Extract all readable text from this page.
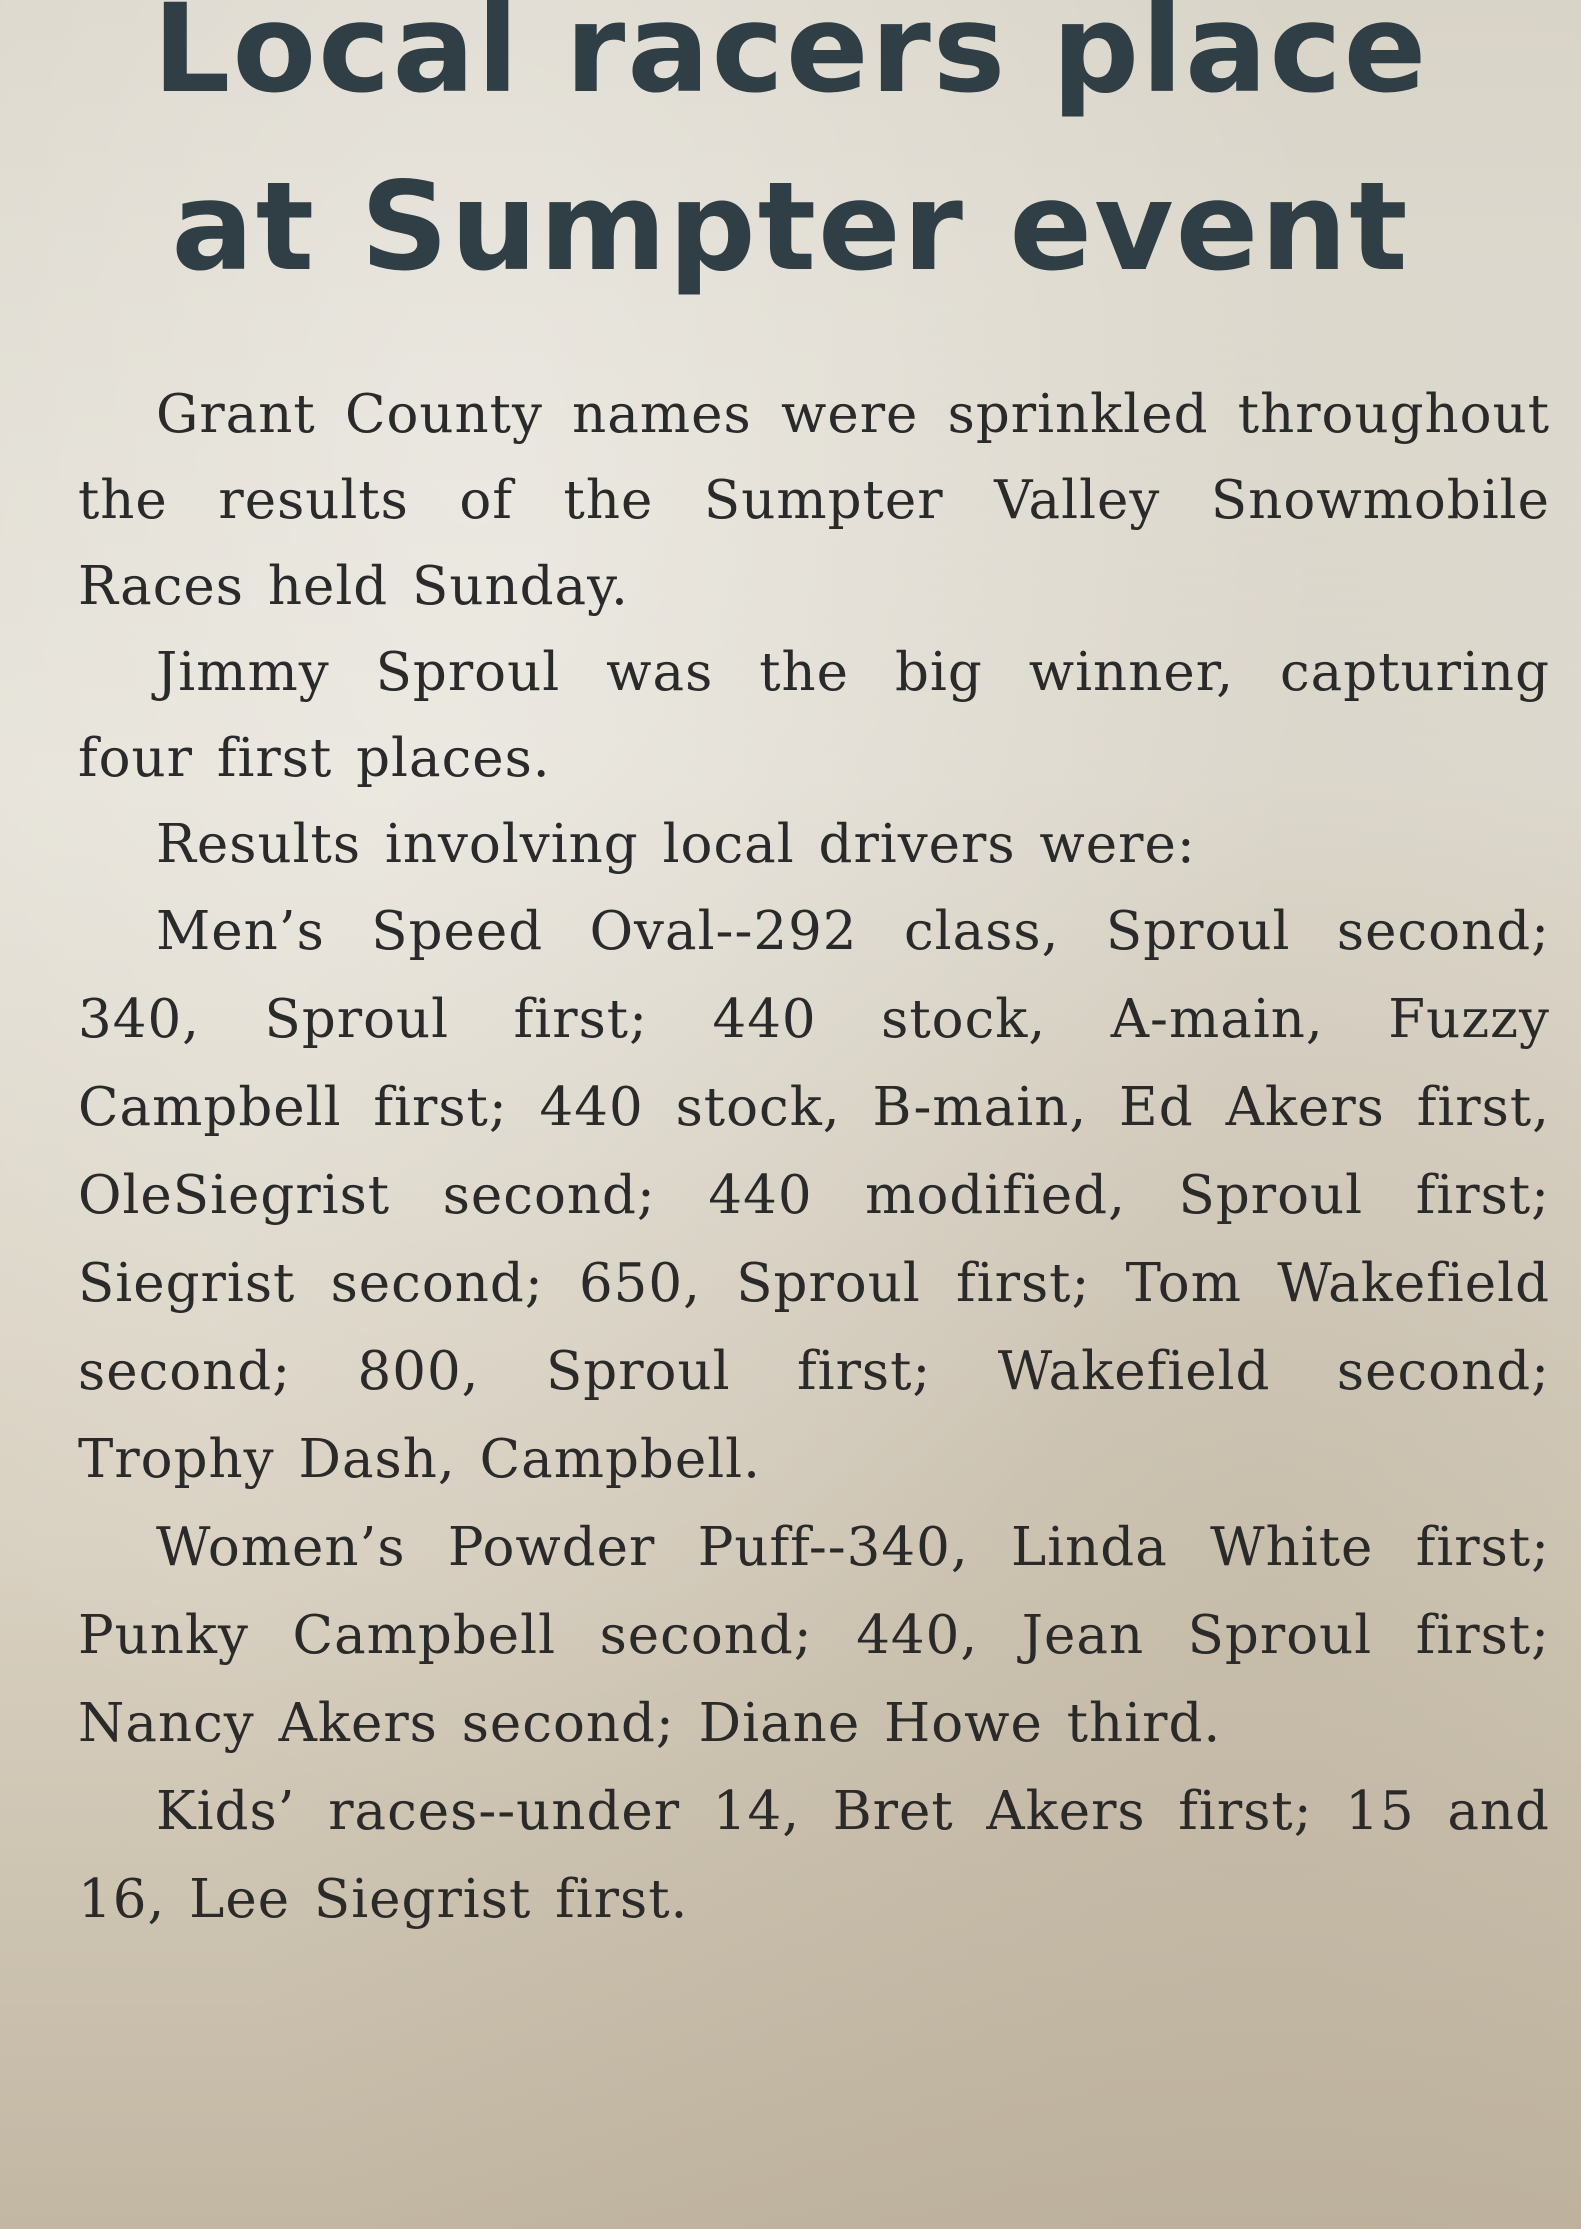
Local racers place
at Sumpter event

Grant County names were sprinkled throughout the results of the Sumpter Valley Snowmobile Races held Sunday.

Jimmy Sproul was the big winner, capturing four first places.

Results involving local drivers were:

Men’s Speed Oval--292 class, Sproul second; 340, Sproul first; 440 stock, A-main, Fuzzy Campbell first; 440 stock, B-main, Ed Akers first, OleSiegrist second; 440 modified, Sproul first; Siegrist second; 650, Sproul first; Tom Wakefield second; 800, Sproul first; Wakefield second; Trophy Dash, Campbell.

Women’s Powder Puff--340, Linda White first; Punky Campbell second; 440, Jean Sproul first; Nancy Akers second; Diane Howe third.

Kids’ races--under 14, Bret Akers first; 15 and 16, Lee Siegrist first.
